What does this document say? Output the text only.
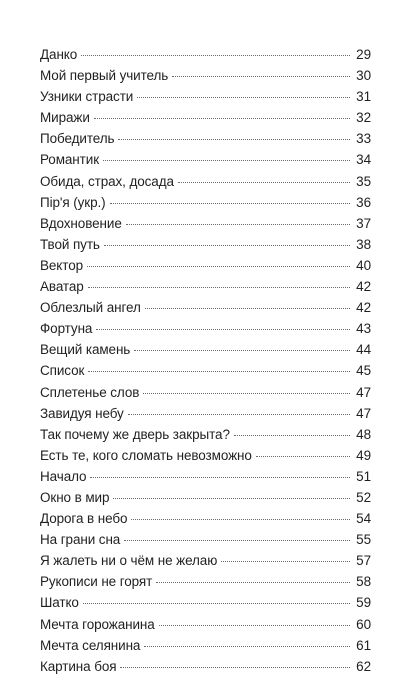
Данко	29
Мой первый учитель	30
Узники страсти	31
Миражи	32
Победитель	33
Романтик	34
Обида, страх, досада	35
Пір'я (укр.)	36
Вдохновение	37
Твой путь	38
Вектор	40
Аватар	42
Облезлый ангел	42
Фортуна	43
Вещий камень	44
Список	45
Сплетенье слов	47
Завидуя небу	47
Так почему же дверь закрыта?	48
Есть те, кого сломать невозможно	49
Начало	51
Окно в мир	52
Дорога в небо	54
На грани сна	55
Я жалеть ни о чём не желаю	57
Рукописи не горят	58
Шатко	59
Мечта горожанина	60
Мечта селянина	61
Картина боя	62
